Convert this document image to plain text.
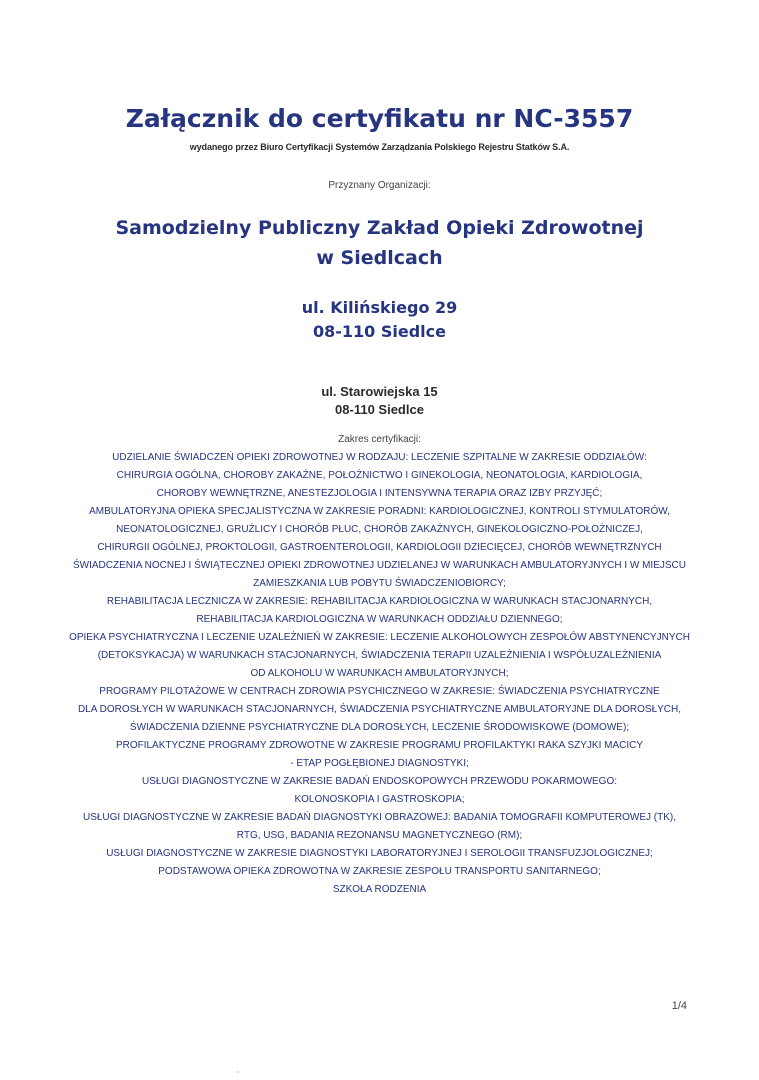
Załącznik do certyfikatu nr NC-3557
wydanego przez Biuro Certyfikacji Systemów Zarządzania Polskiego Rejestru Statków S.A.
Przyznany Organizacji:
Samodzielny Publiczny Zakład Opieki Zdrowotnej
w Siedlcach
ul. Kilińskiego 29
08-110 Siedlce
ul. Starowiejska 15
08-110 Siedlce
Zakres certyfikacji:
UDZIELANIE ŚWIADCZEŃ OPIEKI ZDROWOTNEJ W RODZAJU: LECZENIE SZPITALNE W ZAKRESIE ODDZIAŁÓW:
CHIRURGIA OGÓLNA, CHOROBY ZAKAŹNE, POŁOŻNICTWO I GINEKOLOGIA, NEONATOLOGIA, KARDIOLOGIA,
CHOROBY WEWNĘTRZNE, ANESTEZJOLOGIA I INTENSYWNA TERAPIA ORAZ IZBY PRZYJĘĆ;
AMBULATORYJNA OPIEKA SPECJALISTYCZNA W ZAKRESIE PORADNI: KARDIOLOGICZNEJ, KONTROLI STYMULATORÓW,
NEONATOLOGICZNEJ, GRUŹLICY I CHORÓB PŁUC, CHORÓB ZAKAŹNYCH, GINEKOLOGICZNO-POŁOŻNICZEJ,
CHIRURGII OGÓLNEJ, PROKTOLOGII, GASTROENTEROLOGII, KARDIOLOGII DZIECIĘCEJ, CHORÓB WEWNĘTRZNYCH
ŚWIADCZENIA NOCNEJ I ŚWIĄTECZNEJ OPIEKI ZDROWOTNEJ UDZIELANEJ W WARUNKACH AMBULATORYJNYCH I W MIEJSCU
ZAMIESZKANIA LUB POBYTU ŚWIADCZENIOBIORCY;
REHABILITACJA LECZNICZA W ZAKRESIE: REHABILITACJA KARDIOLOGICZNA W WARUNKACH STACJONARNYCH,
REHABILITACJA KARDIOLOGICZNA W WARUNKACH ODDZIAŁU DZIENNEGO;
OPIEKA PSYCHIATRYCZNA I LECZENIE UZALEŻNIEŃ W ZAKRESIE: LECZENIE ALKOHOLOWYCH ZESPOŁÓW ABSTYNENCYJNYCH
(DETOKSYKACJA) W WARUNKACH STACJONARNYCH, ŚWIADCZENIA TERAPII UZALEŻNIENIA I WSPÓŁUZALEŻNIENIA
OD ALKOHOLU W WARUNKACH AMBULATORYJNYCH;
PROGRAMY PILOTAŻOWE W CENTRACH ZDROWIA PSYCHICZNEGO W ZAKRESIE: ŚWIADCZENIA PSYCHIATRYCZNE
DLA DOROSŁYCH W WARUNKACH STACJONARNYCH, ŚWIADCZENIA PSYCHIATRYCZNE AMBULATORYJNE DLA DOROSŁYCH,
ŚWIADCZENIA DZIENNE PSYCHIATRYCZNE DLA DOROSŁYCH, LECZENIE ŚRODOWISKOWE (DOMOWE);
PROFILAKTYCZNE PROGRAMY ZDROWOTNE W ZAKRESIE PROGRAMU PROFILAKTYKI RAKA SZYJKI MACICY
- ETAP POGŁĘBIONEJ DIAGNOSTYKI;
USŁUGI DIAGNOSTYCZNE W ZAKRESIE BADAŃ ENDOSKOPOWYCH PRZEWODU POKARMOWEGO:
KOLONOSKOPIA I GASTROSKOPIA;
USŁUGI DIAGNOSTYCZNE W ZAKRESIE BADAŃ DIAGNOSTYKI OBRAZOWEJ: BADANIA TOMOGRAFII KOMPUTEROWEJ (TK),
RTG, USG, BADANIA REZONANSU MAGNETYCZNEGO (RM);
USŁUGI DIAGNOSTYCZNE W ZAKRESIE DIAGNOSTYKI LABORATORYJNEJ I SEROLOGII TRANSFUZJOLOGICZNEJ;
PODSTAWOWA OPIEKA ZDROWOTNA W ZAKRESIE ZESPOŁU TRANSPORTU SANITARNEGO;
SZKOŁA RODZENIA
1/4
